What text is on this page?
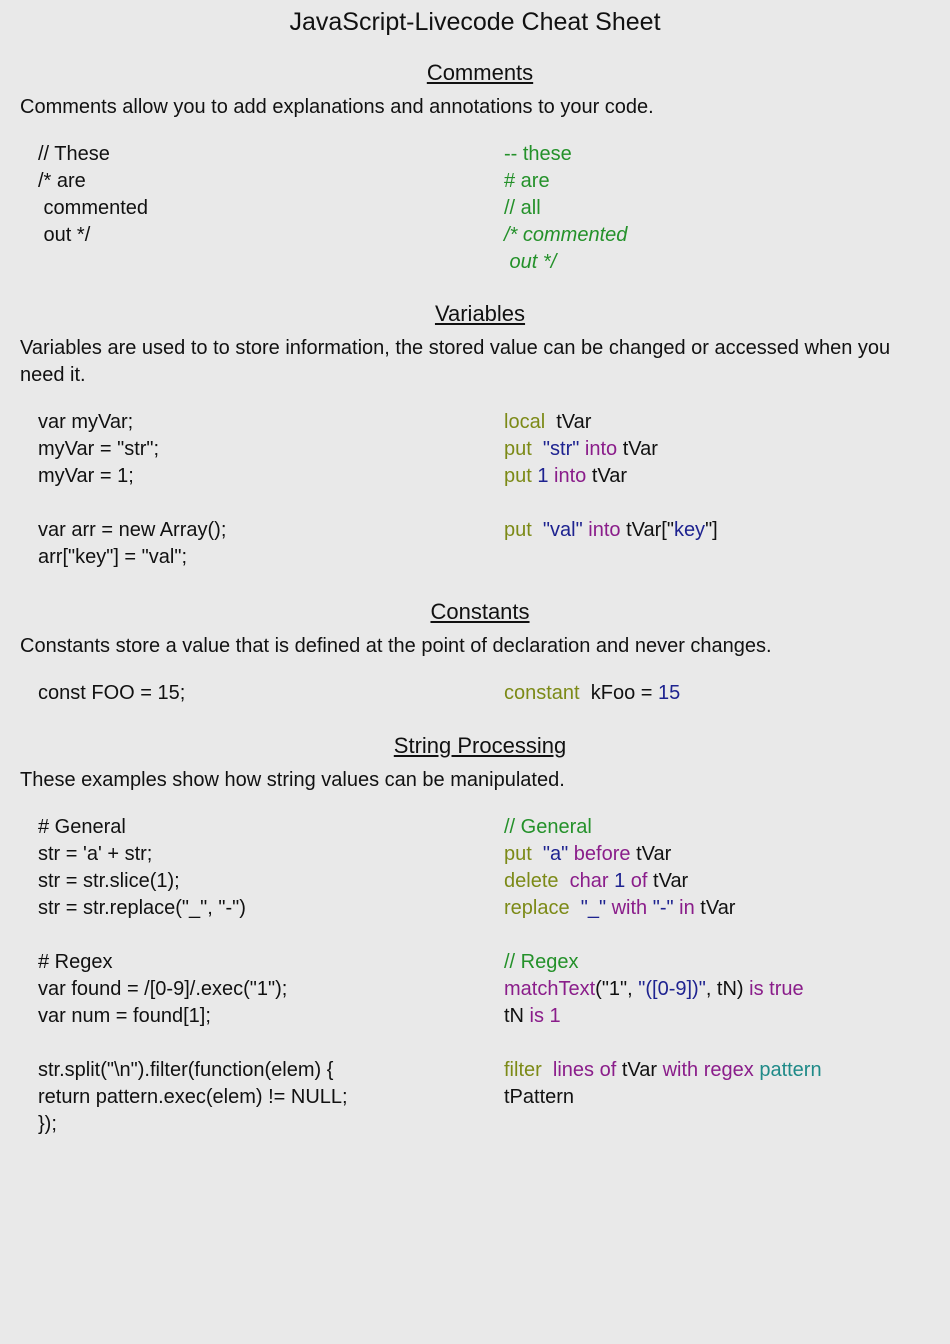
JavaScript-Livecode Cheat Sheet
Comments
Comments allow you to add explanations and annotations to your code.
// These
/* are
commented
out */
-- these
# are
// all
/* commented
out */
Variables
Variables are used to to store information, the stored value can be changed or accessed when you need it.
var myVar;
myVar = "str";
myVar = 1;
var arr = new Array();
arr["key"] = "val";
local  tVar
put  "str" into tVar
put 1 into tVar
put  "val" into tVar["key"]
Constants
Constants store a value that is defined at the point of declaration and never changes.
const FOO = 15;	constant  kFoo = 15
String Processing
These examples show how string values can be manipulated.
# General
str = 'a' + str;
str = str.slice(1);
str = str.replace("_", "-")
# Regex
var found = /[0-9]/.exec("1");
var num = found[1];
str.split("\n").filter(function(elem) {
return pattern.exec(elem) != NULL;
});
// General
put  "a" before tVar
delete  char 1 of tVar
replace  "_" with "-" in tVar
// Regex
matchText("1", "([0-9])", tN) is true
tN is 1
filter  lines of tVar with regex pattern
tPattern
